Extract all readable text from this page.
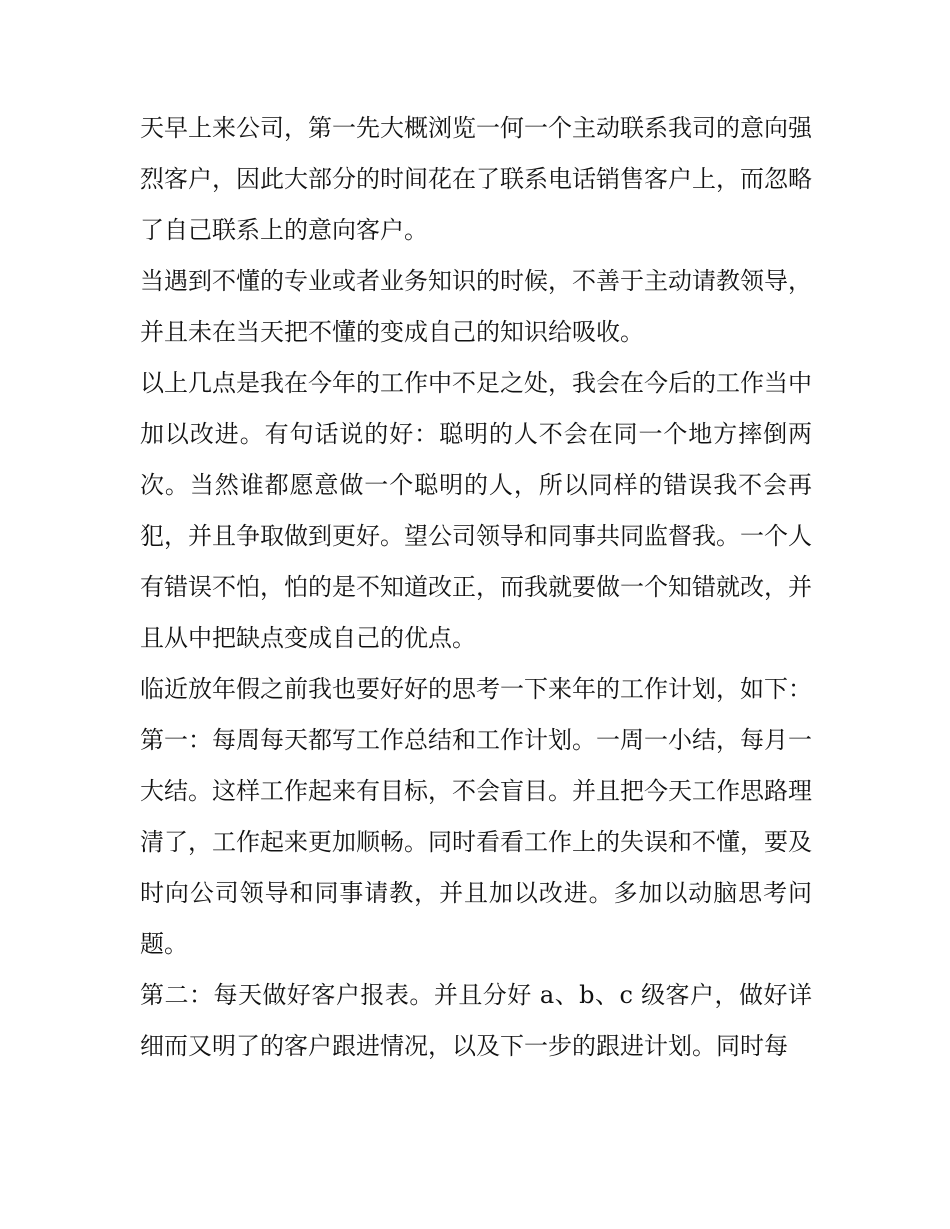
天早上来公司，第一先大概浏览一何一个主动联系我司的意向强烈客户，因此大部分的时间花在了联系电话销售客户上，而忽略了自己联系上的意向客户。

当遇到不懂的专业或者业务知识的时候，不善于主动请教领导，并且未在当天把不懂的变成自己的知识给吸收。

以上几点是我在今年的工作中不足之处，我会在今后的工作当中加以改进。有句话说的好：聪明的人不会在同一个地方摔倒两次。当然谁都愿意做一个聪明的人，所以同样的错误我不会再犯，并且争取做到更好。望公司领导和同事共同监督我。一个人有错误不怕，怕的是不知道改正，而我就要做一个知错就改，并且从中把缺点变成自己的优点。

临近放年假之前我也要好好的思考一下来年的工作计划，如下：

第一：每周每天都写工作总结和工作计划。一周一小结，每月一大结。这样工作起来有目标，不会盲目。并且把今天工作思路理清了，工作起来更加顺畅。同时看看工作上的失误和不懂，要及时向公司领导和同事请教，并且加以改进。多加以动脑思考问题。

第二：每天做好客户报表。并且分好 a、b、c 级客户，做好详细而又明了的客户跟进情况，以及下一步的跟进计划。同时每
